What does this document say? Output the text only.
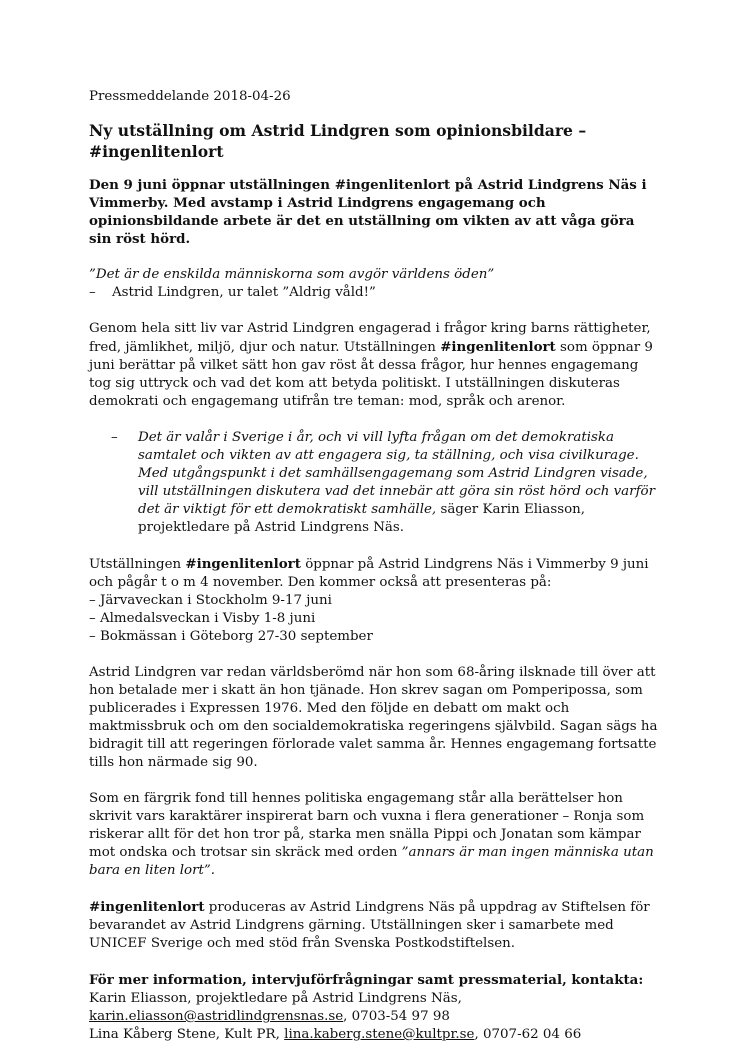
Pressmeddelande 2018-04-26

Ny utställning om Astrid Lindgren som opinionsbildare –
#ingenlitenlort

Den 9 juni öppnar utställningen #ingenlitenlort på Astrid Lindgrens Näs i Vimmerby. Med avstamp i Astrid Lindgrens engagemang och opinionsbildande arbete är det en utställning om vikten av att våga göra sin röst hörd.

”Det är de enskilda människorna som avgör världens öden”

–	Astrid Lindgren, ur talet ”Aldrig våld!”

Genom hela sitt liv var Astrid Lindgren engagerad i frågor kring barns rättigheter, fred, jämlikhet, miljö, djur och natur. Utställningen #ingenlitenlort som öppnar 9 juni berättar på vilket sätt hon gav röst åt dessa frågor, hur hennes engagemang tog sig uttryck och vad det kom att betyda politiskt. I utställningen diskuteras demokrati och engagemang utifrån tre teman: mod, språk och arenor.

–	Det är valår i Sverige i år, och vi vill lyfta frågan om det demokratiska samtalet och vikten av att engagera sig, ta ställning, och visa civilkurage. Med utgångspunkt i det samhällsengagemang som Astrid Lindgren visade, vill utställningen diskutera vad det innebär att göra sin röst hörd och varför det är viktigt för ett demokratiskt samhälle, säger Karin Eliasson, projektledare på Astrid Lindgrens Näs.

Utställningen #ingenlitenlort öppnar på Astrid Lindgrens Näs i Vimmerby 9 juni och pågår t o m 4 november. Den kommer också att presenteras på:

– Järvaveckan i Stockholm 9-17 juni
– Almedalsveckan i Visby 1-8 juni
– Bokmässan i Göteborg 27-30 september

Astrid Lindgren var redan världsberömd när hon som 68-åring ilsknade till över att hon betalade mer i skatt än hon tjänade. Hon skrev sagan om Pomperipossa, som publicerades i Expressen 1976. Med den följde en debatt om makt och maktmissbruk och om den socialdemokratiska regeringens självbild. Sagan sägs ha bidragit till att regeringen förlorade valet samma år. Hennes engagemang fortsatte tills hon närmade sig 90.

Som en färgrik fond till hennes politiska engagemang står alla berättelser hon skrivit vars karaktärer inspirerat barn och vuxna i flera generationer – Ronja som riskerar allt för det hon tror på, starka men snälla Pippi och Jonatan som kämpar mot ondska och trotsar sin skräck med orden ”annars är man ingen människa utan bara en liten lort”.

#ingenlitenlort produceras av Astrid Lindgrens Näs på uppdrag av Stiftelsen för bevarandet av Astrid Lindgrens gärning. Utställningen sker i samarbete med UNICEF Sverige och med stöd från Svenska Postkodstiftelsen.

För mer information, intervjuförfrågningar samt pressmaterial, kontakta:

Karin Eliasson, projektledare på Astrid Lindgrens Näs,

karin.eliasson@astridlindgrensnas.se, 0703-54 97 98

Lina Kåberg Stene, Kult PR, lina.kaberg.stene@kultpr.se, 0707-62 04 66
